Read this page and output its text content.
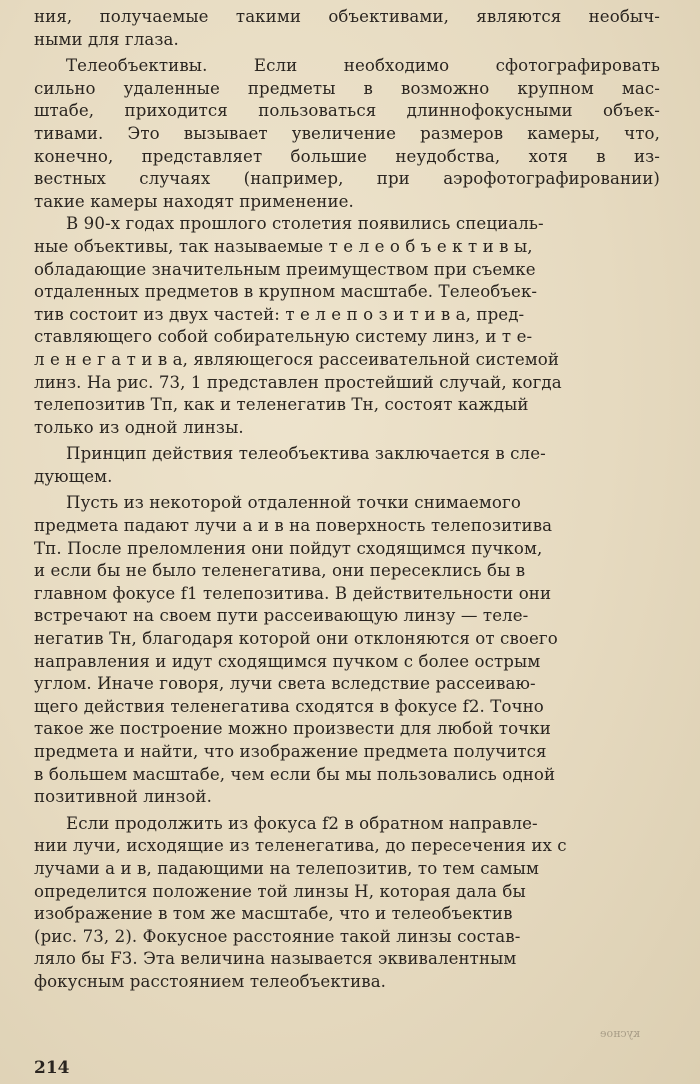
ния, получаемые такими объективами, являются необыч-
ными для глаза.

Телеобъективы. Если необходимо сфотографировать
сильно удаленные предметы в возможно крупном мас-
штабе, приходится пользоваться длиннофокусными объек-
тивами. Это вызывает увеличение размеров камеры, что,
конечно, представляет большие неудобства, хотя в из-
вестных случаях (например, при аэрофотографировании)
такие камеры находят применение.

В 90-х годах прошлого столетия появились специаль-
ные объективы, так называемые т е л е о б ъ е к т и в ы,
обладающие значительным преимуществом при съемке
отдаленных предметов в крупном масштабе. Телеобъек-
тив состоит из двух частей: т е л е п о з и т и в а, пред-
ставляющего собой собирательную систему линз, и т е-
л е н е г а т и в а, являющегося рассеивательной системой
линз. На рис. 73, 1 представлен простейший случай, когда
телепозитив Тп, как и теленегатив Тн, состоят каждый
только из одной линзы.

Принцип действия телеобъектива заключается в сле-
дующем.

Пусть из некоторой отдаленной точки снимаемого
предмета падают лучи а и в на поверхность телепозитива
Тп. После преломления они пойдут сходящимся пучком,
и если бы не было теленегатива, они пересеклись бы в
главном фокусе f1 телепозитива. В действительности они
встречают на своем пути рассеивающую линзу — теле-
негатив Тн, благодаря которой они отклоняются от своего
направления и идут сходящимся пучком с более острым
углом. Иначе говоря, лучи света вследствие рассеиваю-
щего действия теленегатива сходятся в фокусе f2. Точно
такое же построение можно произвести для любой точки
предмета и найти, что изображение предмета получится
в большем масштабе, чем если бы мы пользовались одной
позитивной линзой.

Если продолжить из фокуса f2 в обратном направле-
нии лучи, исходящие из теленегатива, до пересечения их с
лучами а и в, падающими на телепозитив, то тем самым
определится положение той линзы Н, которая дала бы
изображение в том же масштабе, что и телеобъектив
(рис. 73, 2). Фокусное расстояние такой линзы состав-
ляло бы F3. Эта величина называется эквивалентным
фокусным расстоянием телеобъектива.

кусное
214
